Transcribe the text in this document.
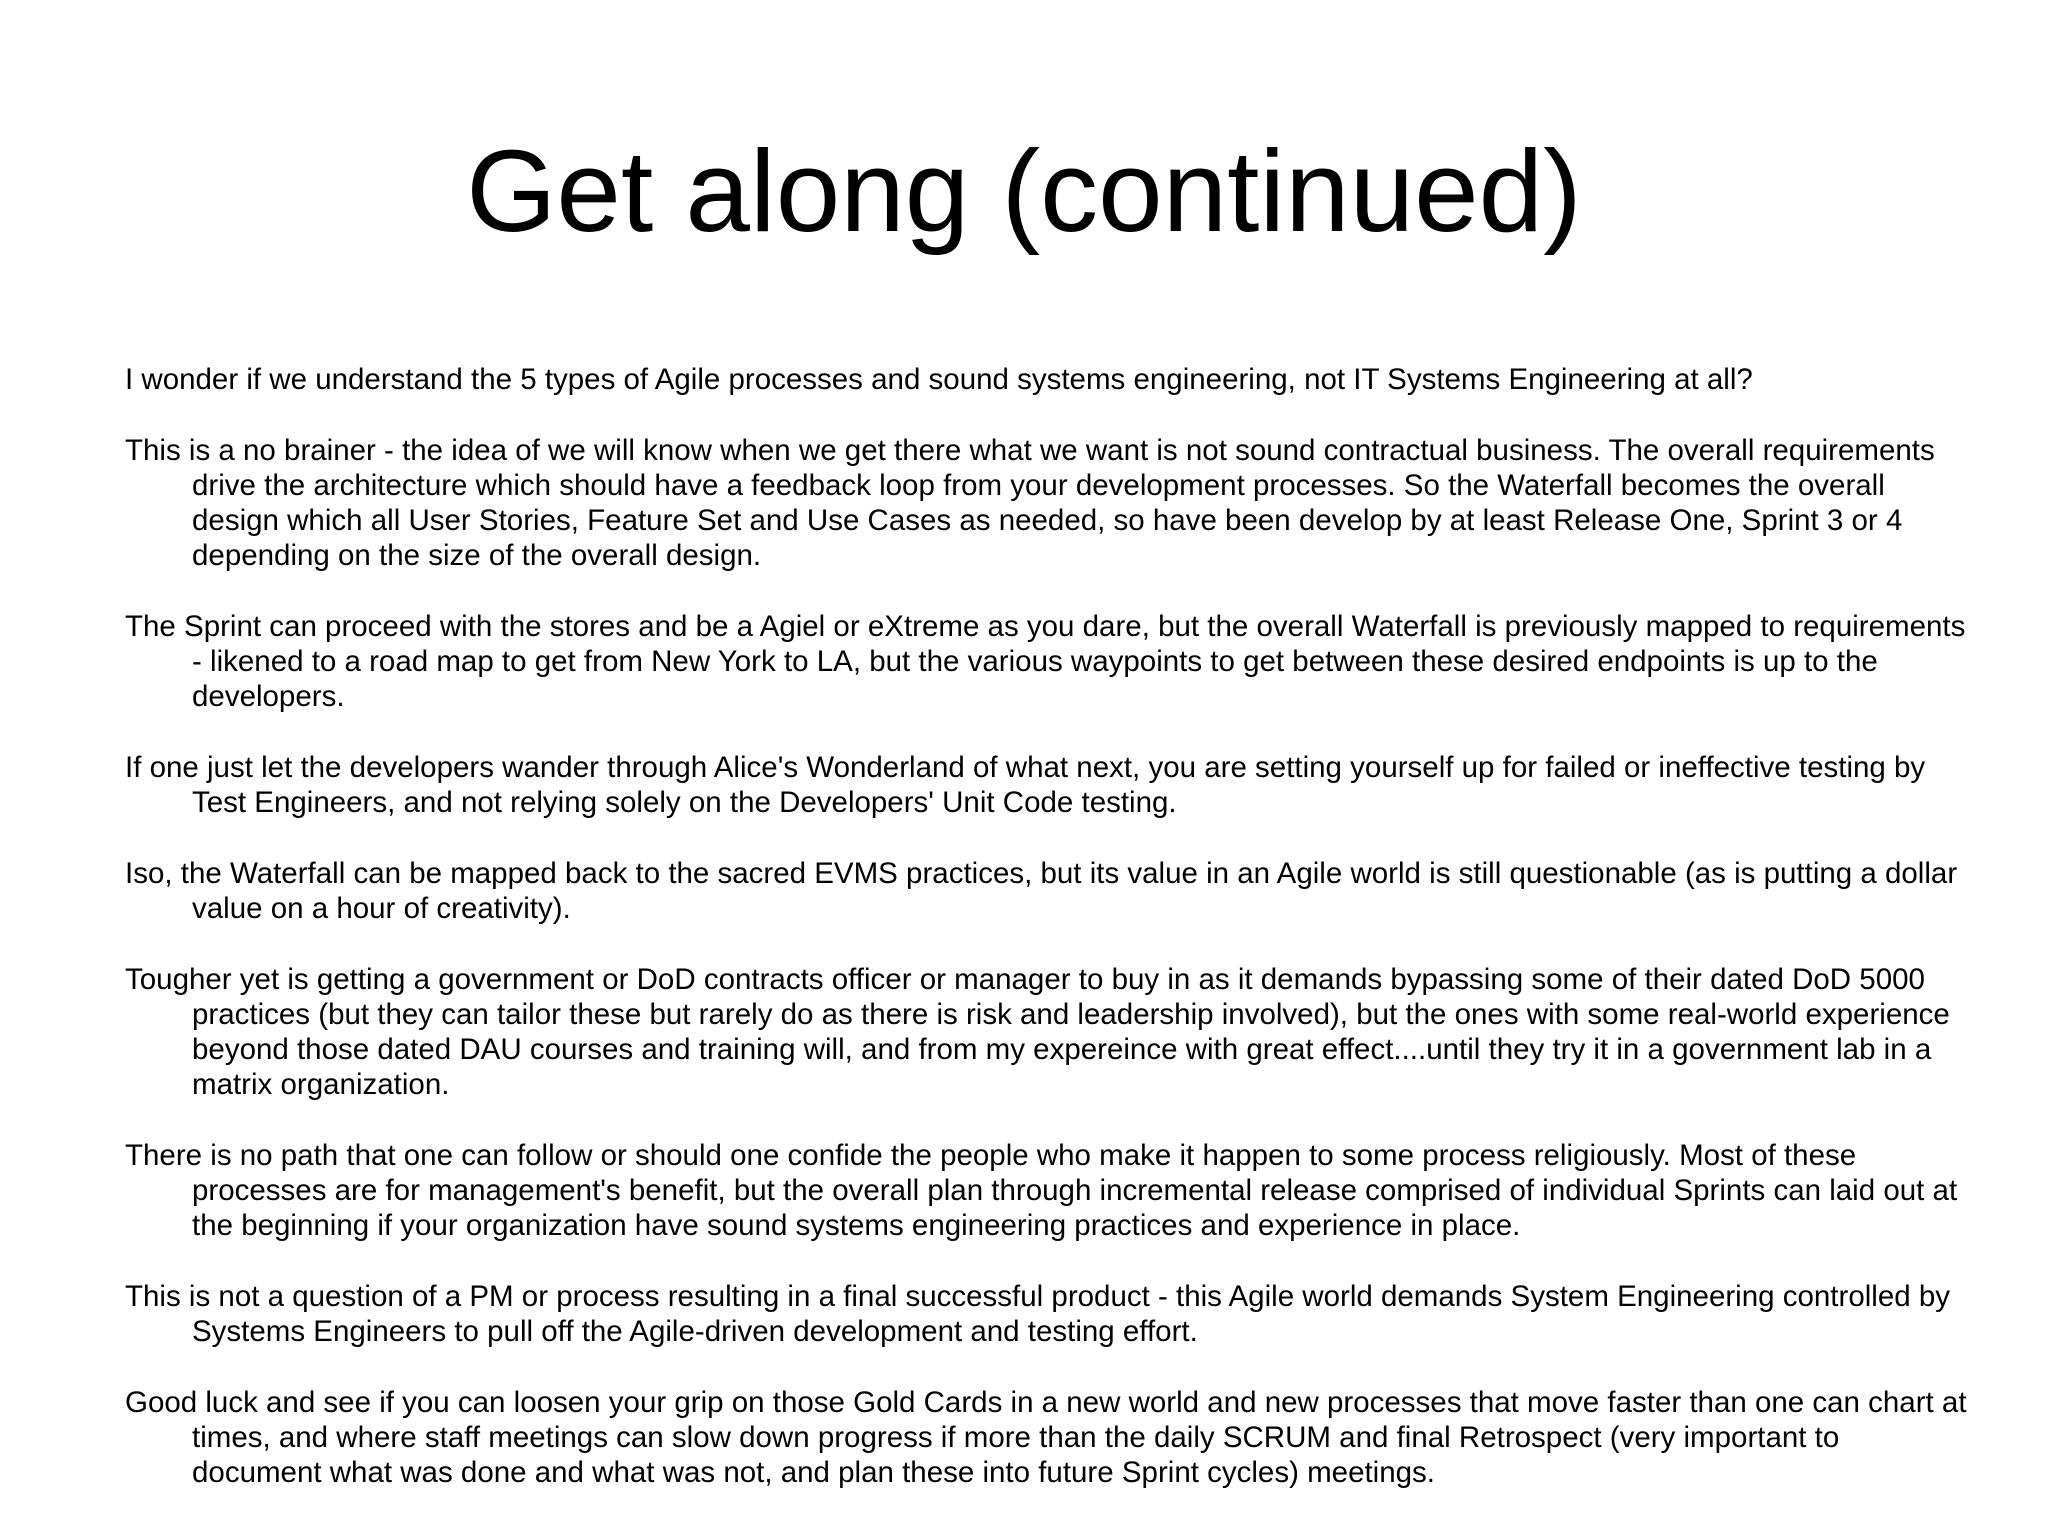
Get along (continued)
I wonder if we understand the 5 types of Agile processes and sound systems engineering, not IT Systems Engineering at all?
This is a no brainer - the idea of we will know when we get there what we want is not sound contractual business. The overall requirements drive the architecture which should have a feedback loop from your development processes. So the Waterfall becomes the overall design which all User Stories, Feature Set and Use Cases as needed, so have been develop by at least Release One, Sprint 3 or 4 depending on the size of the overall design.
The Sprint can proceed with the stores and be a Agiel or eXtreme as you dare, but the overall Waterfall is previously mapped to requirements - likened to a road map to get from New York to LA, but the various waypoints to get between these desired endpoints is up to the developers.
If one just let the developers wander through Alice's Wonderland of what next, you are setting yourself up for failed or ineffective testing by Test Engineers, and not relying solely on the Developers' Unit Code testing.
Iso, the Waterfall can be mapped back to the sacred EVMS practices, but its value in an Agile world is still questionable (as is putting a dollar value on a hour of creativity).
Tougher yet is getting a government or DoD contracts officer or manager to buy in as it demands bypassing some of their dated DoD 5000 practices (but they can tailor these but rarely do as there is risk and leadership involved), but the ones with some real-world experience beyond those dated DAU courses and training will, and from my expereince with great effect....until they try it in a government lab in a matrix organization.
There is no path that one can follow or should one confide the people who make it happen to some process religiously. Most of these processes are for management's benefit, but the overall plan through incremental release comprised of individual Sprints can laid out at the beginning if your organization have sound systems engineering practices and experience in place.
This is not a question of a PM or process resulting in a final successful product - this Agile world demands System Engineering controlled by Systems Engineers to pull off the Agile-driven development and testing effort.
Good luck and see if you can loosen your grip on those Gold Cards in a new world and new processes that move faster than one can chart at times, and where staff meetings can slow down progress if more than the daily SCRUM and final Retrospect (very important to document what was done and what was not, and plan these into future Sprint cycles) meetings.
